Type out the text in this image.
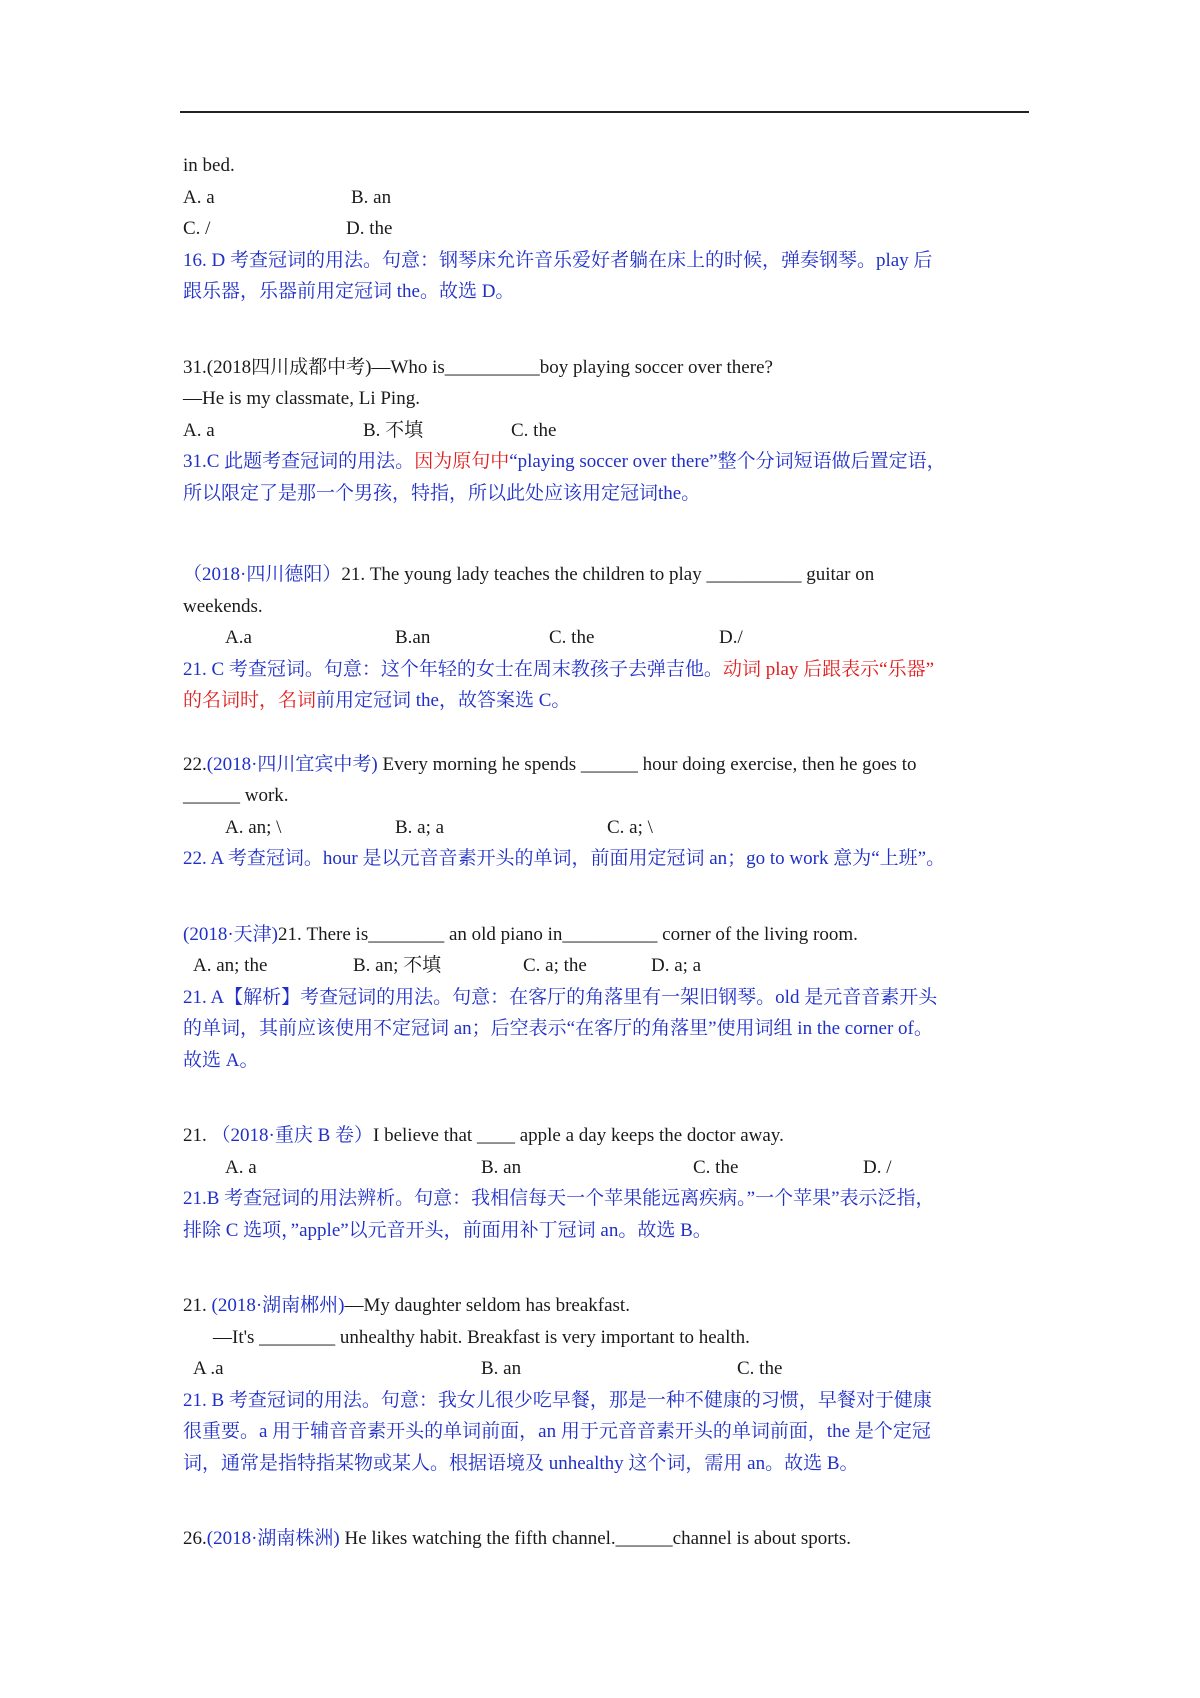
in bed.
A. a	B. an
C. /	D. the
16. D 考查冠词的用法。句意：钢琴床允许音乐爱好者躺在床上的时候，弹奏钢琴。play 后
跟乐器，乐器前用定冠词 the。故选 D。
31.(2018四川成都中考)—Who is__________boy playing soccer over there?
—He is my classmate, Li Ping.
A. a	B. 不填	C. the
31.C 此题考查冠词的用法。因为原句中“playing soccer over there”整个分词短语做后置定语，
所以限定了是那一个男孩，特指，所以此处应该用定冠词the。
（2018·四川德阳）21. The young lady teaches the children to play __________ guitar on
weekends.
A.a	B.an	C. the	D./
21. C 考查冠词。句意：这个年轻的女士在周末教孩子去弹吉他。动词 play 后跟表示“乐器”
的名词时，名词前用定冠词 the，故答案选 C。
22.(2018·四川宜宾中考) Every morning he spends ______ hour doing exercise, then he goes to
______ work.
A. an; \	B. a; a	C. a; \
22. A 考查冠词。hour 是以元音音素开头的单词，前面用定冠词 an；go to work 意为“上班”。
(2018·天津)21. There is________ an old piano in__________ corner of the living room.
A. an; the	B. an; 不填	C. a; the	D. a; a
21. A【解析】考查冠词的用法。句意：在客厅的角落里有一架旧钢琴。old 是元音音素开头
的单词，其前应该使用不定冠词 an；后空表示“在客厅的角落里”使用词组 in the corner of。
故选 A。
21. （2018·重庆 B 卷）I believe that ____ apple a day keeps the doctor away.
A. a	B. an	C. the	D. /
21.B 考查冠词的用法辨析。句意：我相信每天一个苹果能远离疾病。”一个苹果”表示泛指，
排除 C 选项，”apple”以元音开头，前面用补丁冠词 an。故选 B。
21. (2018·湖南郴州)—My daughter seldom has breakfast.
—It's ________ unhealthy habit. Breakfast is very important to health.
A .a	B. an	C. the
21. B 考查冠词的用法。句意：我女儿很少吃早餐，那是一种不健康的习惯，早餐对于健康
很重要。a 用于辅音音素开头的单词前面，an 用于元音音素开头的单词前面，the 是个定冠
词，通常是指特指某物或某人。根据语境及 unhealthy 这个词，需用 an。故选 B。
26.(2018·湖南株洲) He likes watching the fifth channel.______channel is about sports.
